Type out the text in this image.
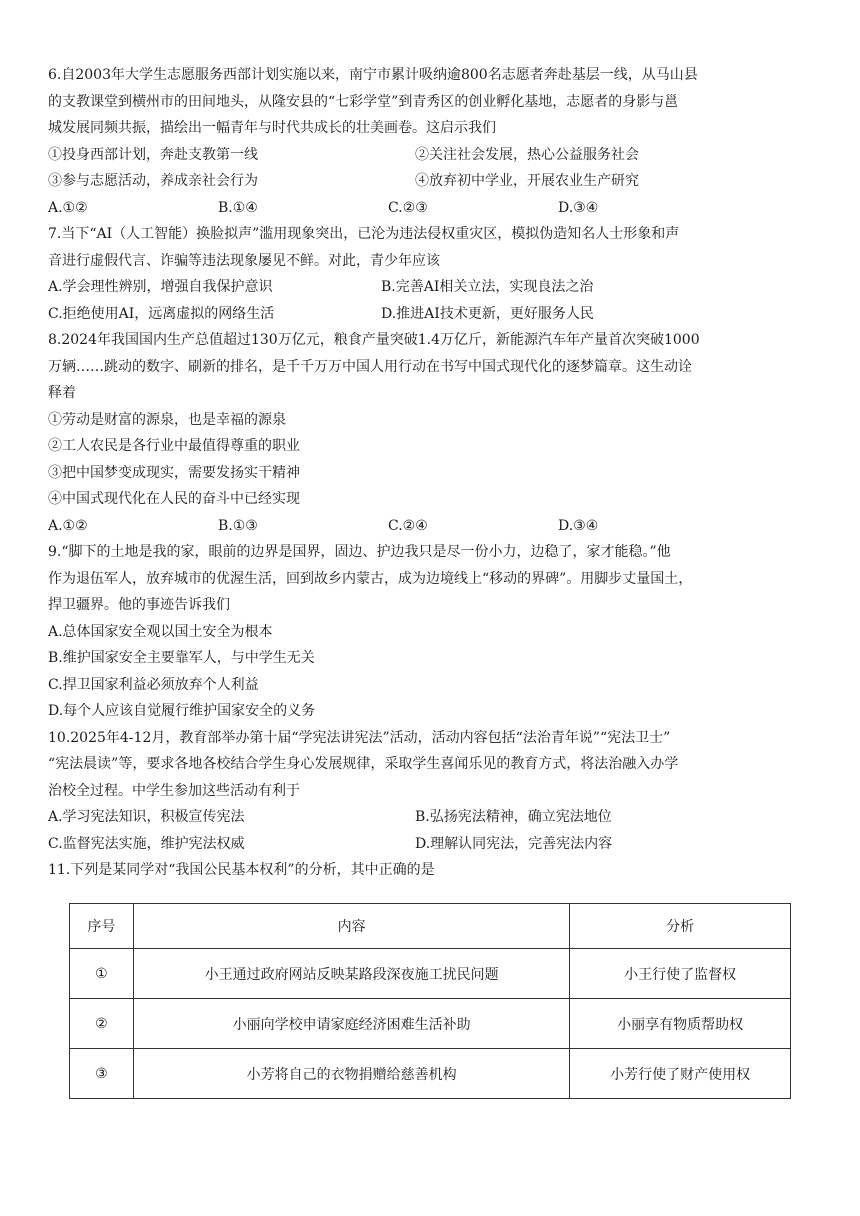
6.自2003年大学生志愿服务西部计划实施以来，南宁市累计吸纳逾800名志愿者奔赴基层一线，从马山县
的支教课堂到横州市的田间地头，从隆安县的“七彩学堂”到青秀区的创业孵化基地，志愿者的身影与邕
城发展同频共振，描绘出一幅青年与时代共成长的壮美画卷。这启示我们
①投身西部计划，奔赴支教第一线	②关注社会发展，热心公益服务社会
③参与志愿活动，养成亲社会行为	④放弃初中学业，开展农业生产研究
A.①②	B.①④	C.②③	D.③④
7.当下“AI（人工智能）换脸拟声”滥用现象突出，已沦为违法侵权重灾区，模拟伪造知名人士形象和声
音进行虚假代言、诈骗等违法现象屡见不鲜。对此，青少年应该
A.学会理性辨别，增强自我保护意识	B.完善AI相关立法，实现良法之治
C.拒绝使用AI，远离虚拟的网络生活	D.推进AI技术更新，更好服务人民
8.2024年我国国内生产总值超过130万亿元，粮食产量突破1.4万亿斤，新能源汽车年产量首次突破1000
万辆……跳动的数字、刷新的排名，是千千万万中国人用行动在书写中国式现代化的逐梦篇章。这生动诠
释着
①劳动是财富的源泉，也是幸福的源泉
②工人农民是各行业中最值得尊重的职业
③把中国梦变成现实，需要发扬实干精神
④中国式现代化在人民的奋斗中已经实现
A.①②	B.①③	C.②④	D.③④
9.“脚下的土地是我的家，眼前的边界是国界，固边、护边我只是尽一份小力，边稳了，家才能稳。”他
作为退伍军人，放弃城市的优渥生活，回到故乡内蒙古，成为边境线上“移动的界碑”。用脚步丈量国土，
捍卫疆界。他的事迹告诉我们
A.总体国家安全观以国土安全为根本
B.维护国家安全主要靠军人，与中学生无关
C.捍卫国家利益必须放弃个人利益
D.每个人应该自觉履行维护国家安全的义务
10.2025年4-12月，教育部举办第十届“学宪法讲宪法”活动，活动内容包括“法治青年说”“宪法卫士”
“宪法晨读”等，要求各地各校结合学生身心发展规律，采取学生喜闻乐见的教育方式，将法治融入办学
治校全过程。中学生参加这些活动有利于
A.学习宪法知识，积极宣传宪法	B.弘扬宪法精神，确立宪法地位
C.监督宪法实施，维护宪法权威	D.理解认同宪法，完善宪法内容
11.下列是某同学对“我国公民基本权利”的分析，其中正确的是
序号	内容	分析
①	小王通过政府网站反映某路段深夜施工扰民问题	小王行使了监督权
②	小丽向学校申请家庭经济困难生活补助	小丽享有物质帮助权
③	小芳将自己的衣物捐赠给慈善机构	小芳行使了财产使用权
